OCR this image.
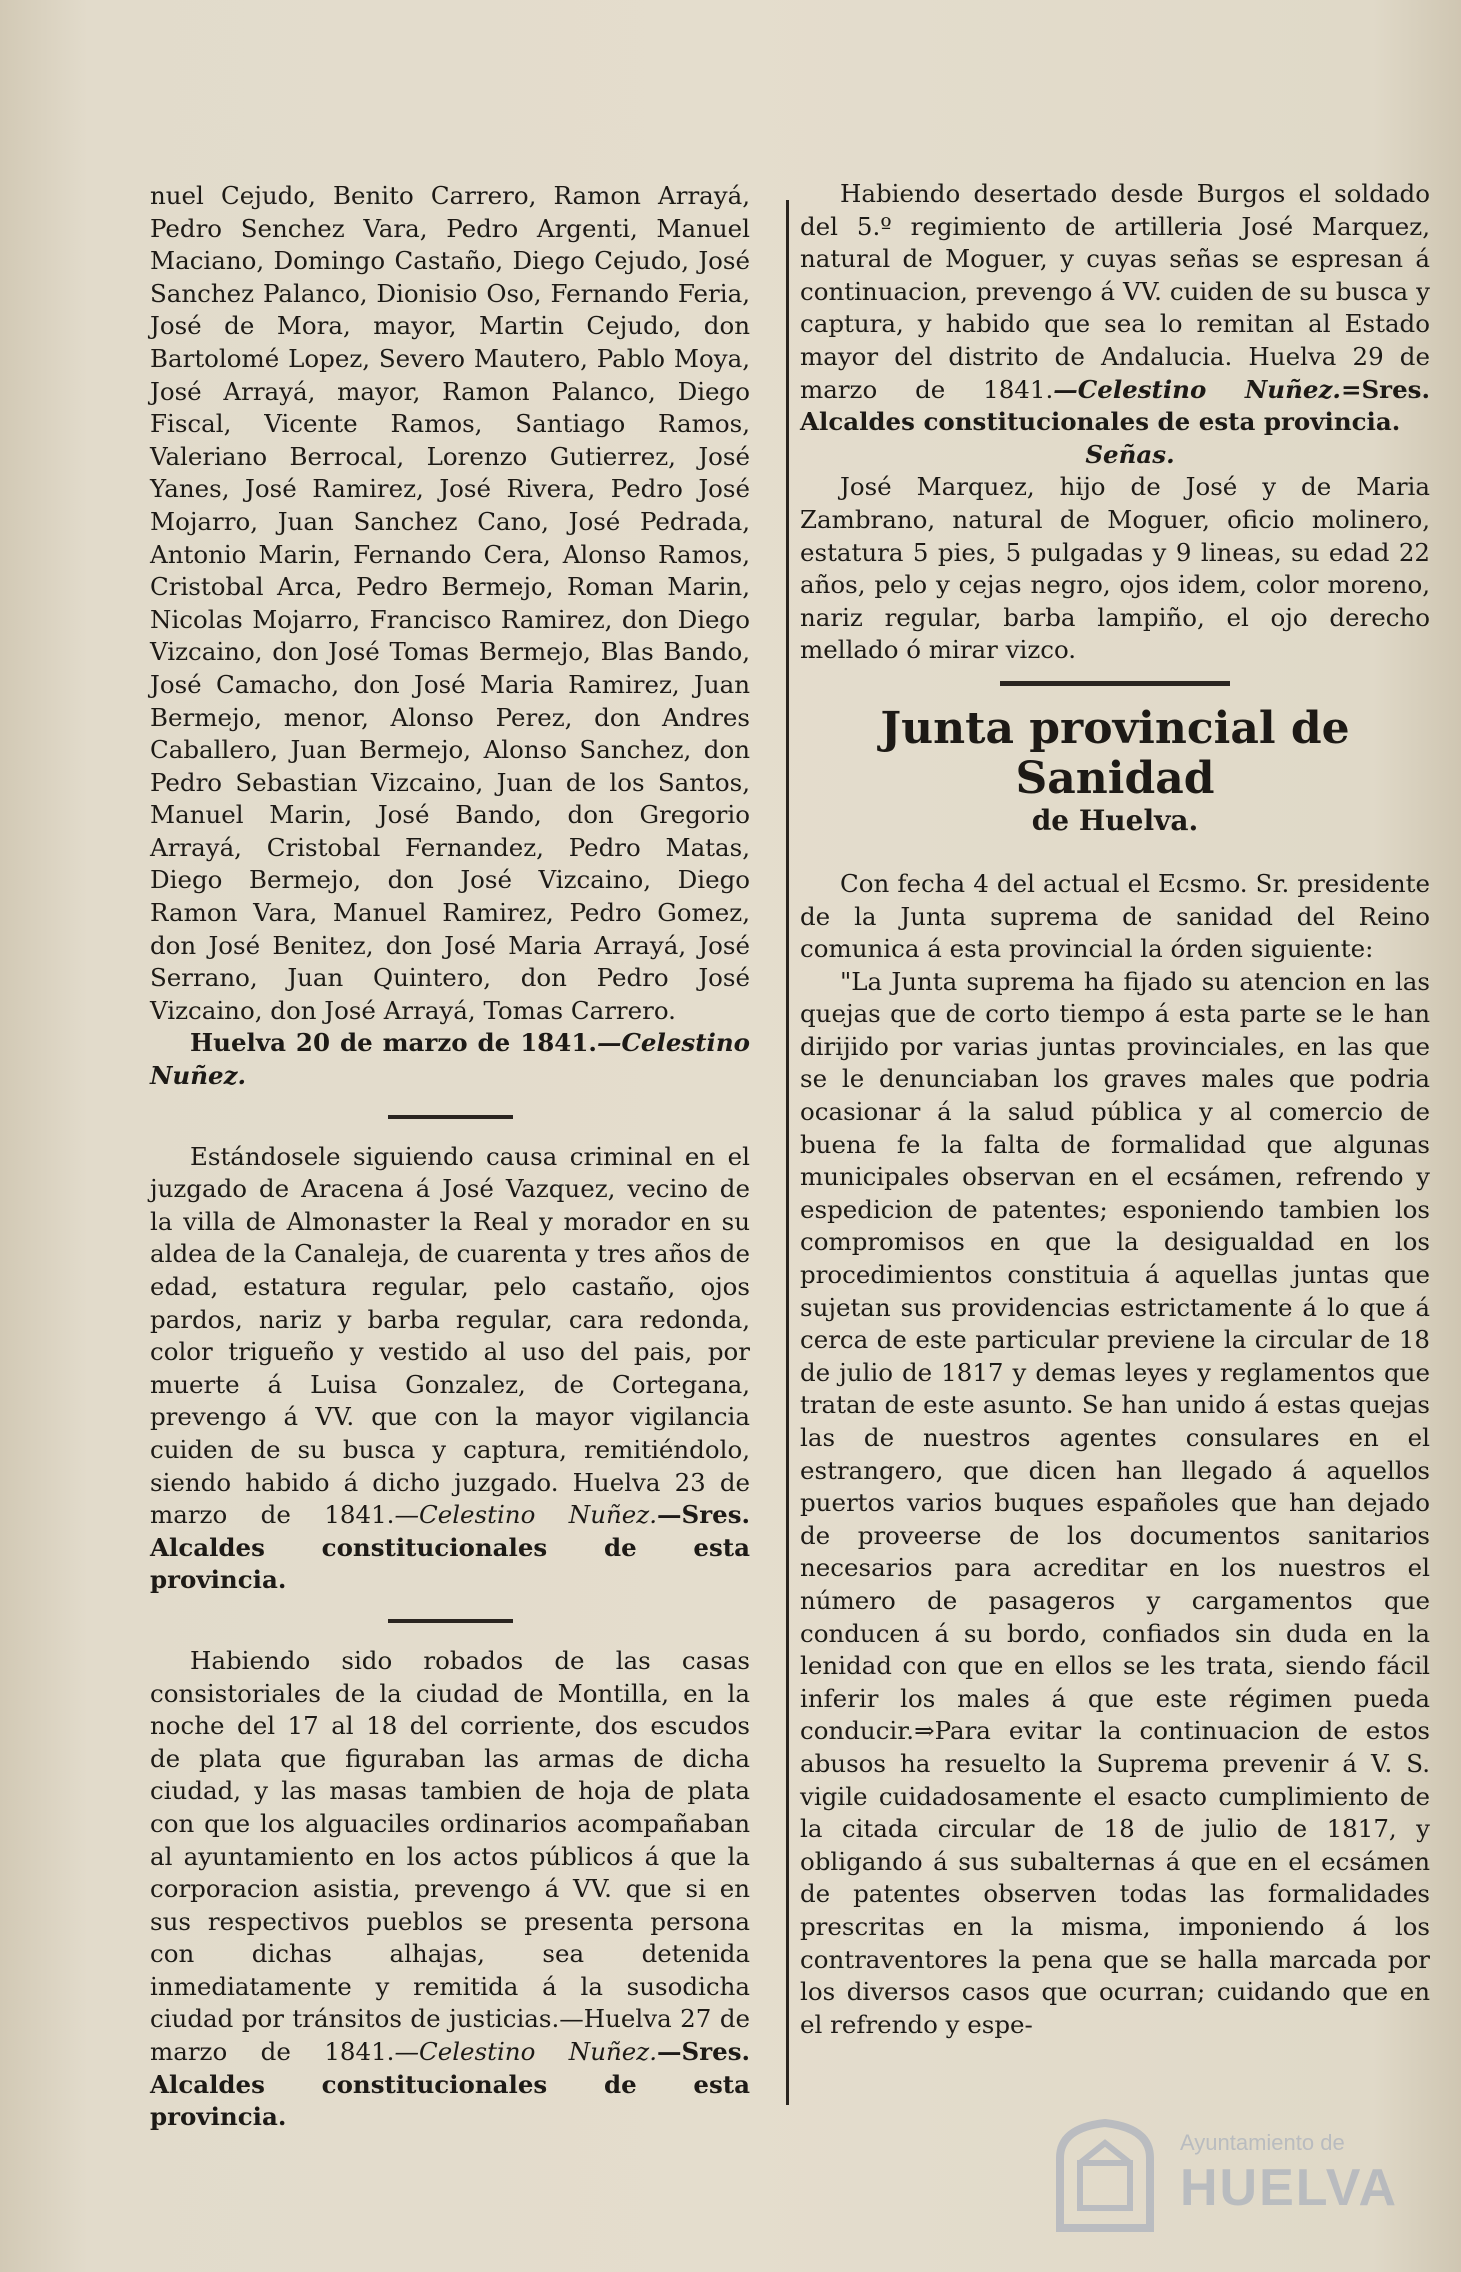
nuel Cejudo, Benito Carrero, Ramon Arrayá, Pedro Senchez Vara, Pedro Argenti, Manuel Maciano, Domingo Castaño, Diego Cejudo, José Sanchez Palanco, Dionisio Oso, Fernando Feria, José de Mora, mayor, Martin Cejudo, don Bartolomé Lopez, Severo Mautero, Pablo Moya, José Arrayá, mayor, Ramon Palanco, Diego Fiscal, Vicente Ramos, Santiago Ramos, Valeriano Berrocal, Lorenzo Gutierrez, José Yanes, José Ramirez, José Rivera, Pedro José Mojarro, Juan Sanchez Cano, José Pedrada, Antonio Marin, Fernando Cera, Alonso Ramos, Cristobal Arca, Pedro Bermejo, Roman Marin, Nicolas Mojarro, Francisco Ramirez, don Diego Vizcaino, don José Tomas Bermejo, Blas Bando, José Camacho, don José Maria Ramirez, Juan Bermejo, menor, Alonso Perez, don Andres Caballero, Juan Bermejo, Alonso Sanchez, don Pedro Sebastian Vizcaino, Juan de los Santos, Manuel Marin, José Bando, don Gregorio Arrayá, Cristobal Fernandez, Pedro Matas, Diego Bermejo, don José Vizcaino, Diego Ramon Vara, Manuel Ramirez, Pedro Gomez, don José Benitez, don José Maria Arrayá, José Serrano, Juan Quintero, don Pedro José Vizcaino, don José Arrayá, Tomas Carrero.

Huelva 20 de marzo de 1841.—Celestino Nuñez.

Estándosele siguiendo causa criminal en el juzgado de Aracena á José Vazquez, vecino de la villa de Almonaster la Real y morador en su aldea de la Canaleja, de cuarenta y tres años de edad, estatura regular, pelo castaño, ojos pardos, nariz y barba regular, cara redonda, color trigueño y vestido al uso del pais, por muerte á Luisa Gonzalez, de Cortegana, prevengo á VV. que con la mayor vigilancia cuiden de su busca y captura, remitiéndolo, siendo habido á dicho juzgado. Huelva 23 de marzo de 1841.—Celestino Nuñez.—Sres. Alcaldes constitucionales de esta provincia.

Habiendo sido robados de las casas consistoriales de la ciudad de Montilla, en la noche del 17 al 18 del corriente, dos escudos de plata que figuraban las armas de dicha ciudad, y las masas tambien de hoja de plata con que los alguaciles ordinarios acompañaban al ayuntamiento en los actos públicos á que la corporacion asistia, prevengo á VV. que si en sus respectivos pueblos se presenta persona con dichas alhajas, sea detenida inmediatamente y remitida á la susodicha ciudad por tránsitos de justicias.—Huelva 27 de marzo de 1841.—Celestino Nuñez.—Sres. Alcaldes constitucionales de esta provincia.

Habiendo desertado desde Burgos el soldado del 5.º regimiento de artilleria José Marquez, natural de Moguer, y cuyas señas se espresan á continuacion, prevengo á VV. cuiden de su busca y captura, y habido que sea lo remitan al Estado mayor del distrito de Andalucia. Huelva 29 de marzo de 1841.—Celestino Nuñez.=Sres. Alcaldes constitucionales de esta provincia.

Señas.

José Marquez, hijo de José y de Maria Zambrano, natural de Moguer, oficio molinero, estatura 5 pies, 5 pulgadas y 9 lineas, su edad 22 años, pelo y cejas negro, ojos idem, color moreno, nariz regular, barba lampiño, el ojo derecho mellado ó mirar vizco.

Junta provincial de Sanidad

de Huelva.

Con fecha 4 del actual el Ecsmo. Sr. presidente de la Junta suprema de sanidad del Reino comunica á esta provincial la órden siguiente:

"La Junta suprema ha fijado su atencion en las quejas que de corto tiempo á esta parte se le han dirijido por varias juntas provinciales, en las que se le denunciaban los graves males que podria ocasionar á la salud pública y al comercio de buena fe la falta de formalidad que algunas municipales observan en el ecsámen, refrendo y espedicion de patentes; esponiendo tambien los compromisos en que la desigualdad en los procedimientos constituia á aquellas juntas que sujetan sus providencias estrictamente á lo que á cerca de este particular previene la circular de 18 de julio de 1817 y demas leyes y reglamentos que tratan de este asunto. Se han unido á estas quejas las de nuestros agentes consulares en el estrangero, que dicen han llegado á aquellos puertos varios buques españoles que han dejado de proveerse de los documentos sanitarios necesarios para acreditar en los nuestros el número de pasageros y cargamentos que conducen á su bordo, confiados sin duda en la lenidad con que en ellos se les trata, siendo fácil inferir los males á que este régimen pueda conducir.⇒Para evitar la continuacion de estos abusos ha resuelto la Suprema prevenir á V. S. vigile cuidadosamente el esacto cumplimiento de la citada circular de 18 de julio de 1817, y obligando á sus subalternas á que en el ecsámen de patentes observen todas las formalidades prescritas en la misma, imponiendo á los contraventores la pena que se halla marcada por los diversos casos que ocurran; cuidando que en el refrendo y espe-

Ayuntamiento de
HUELVA
